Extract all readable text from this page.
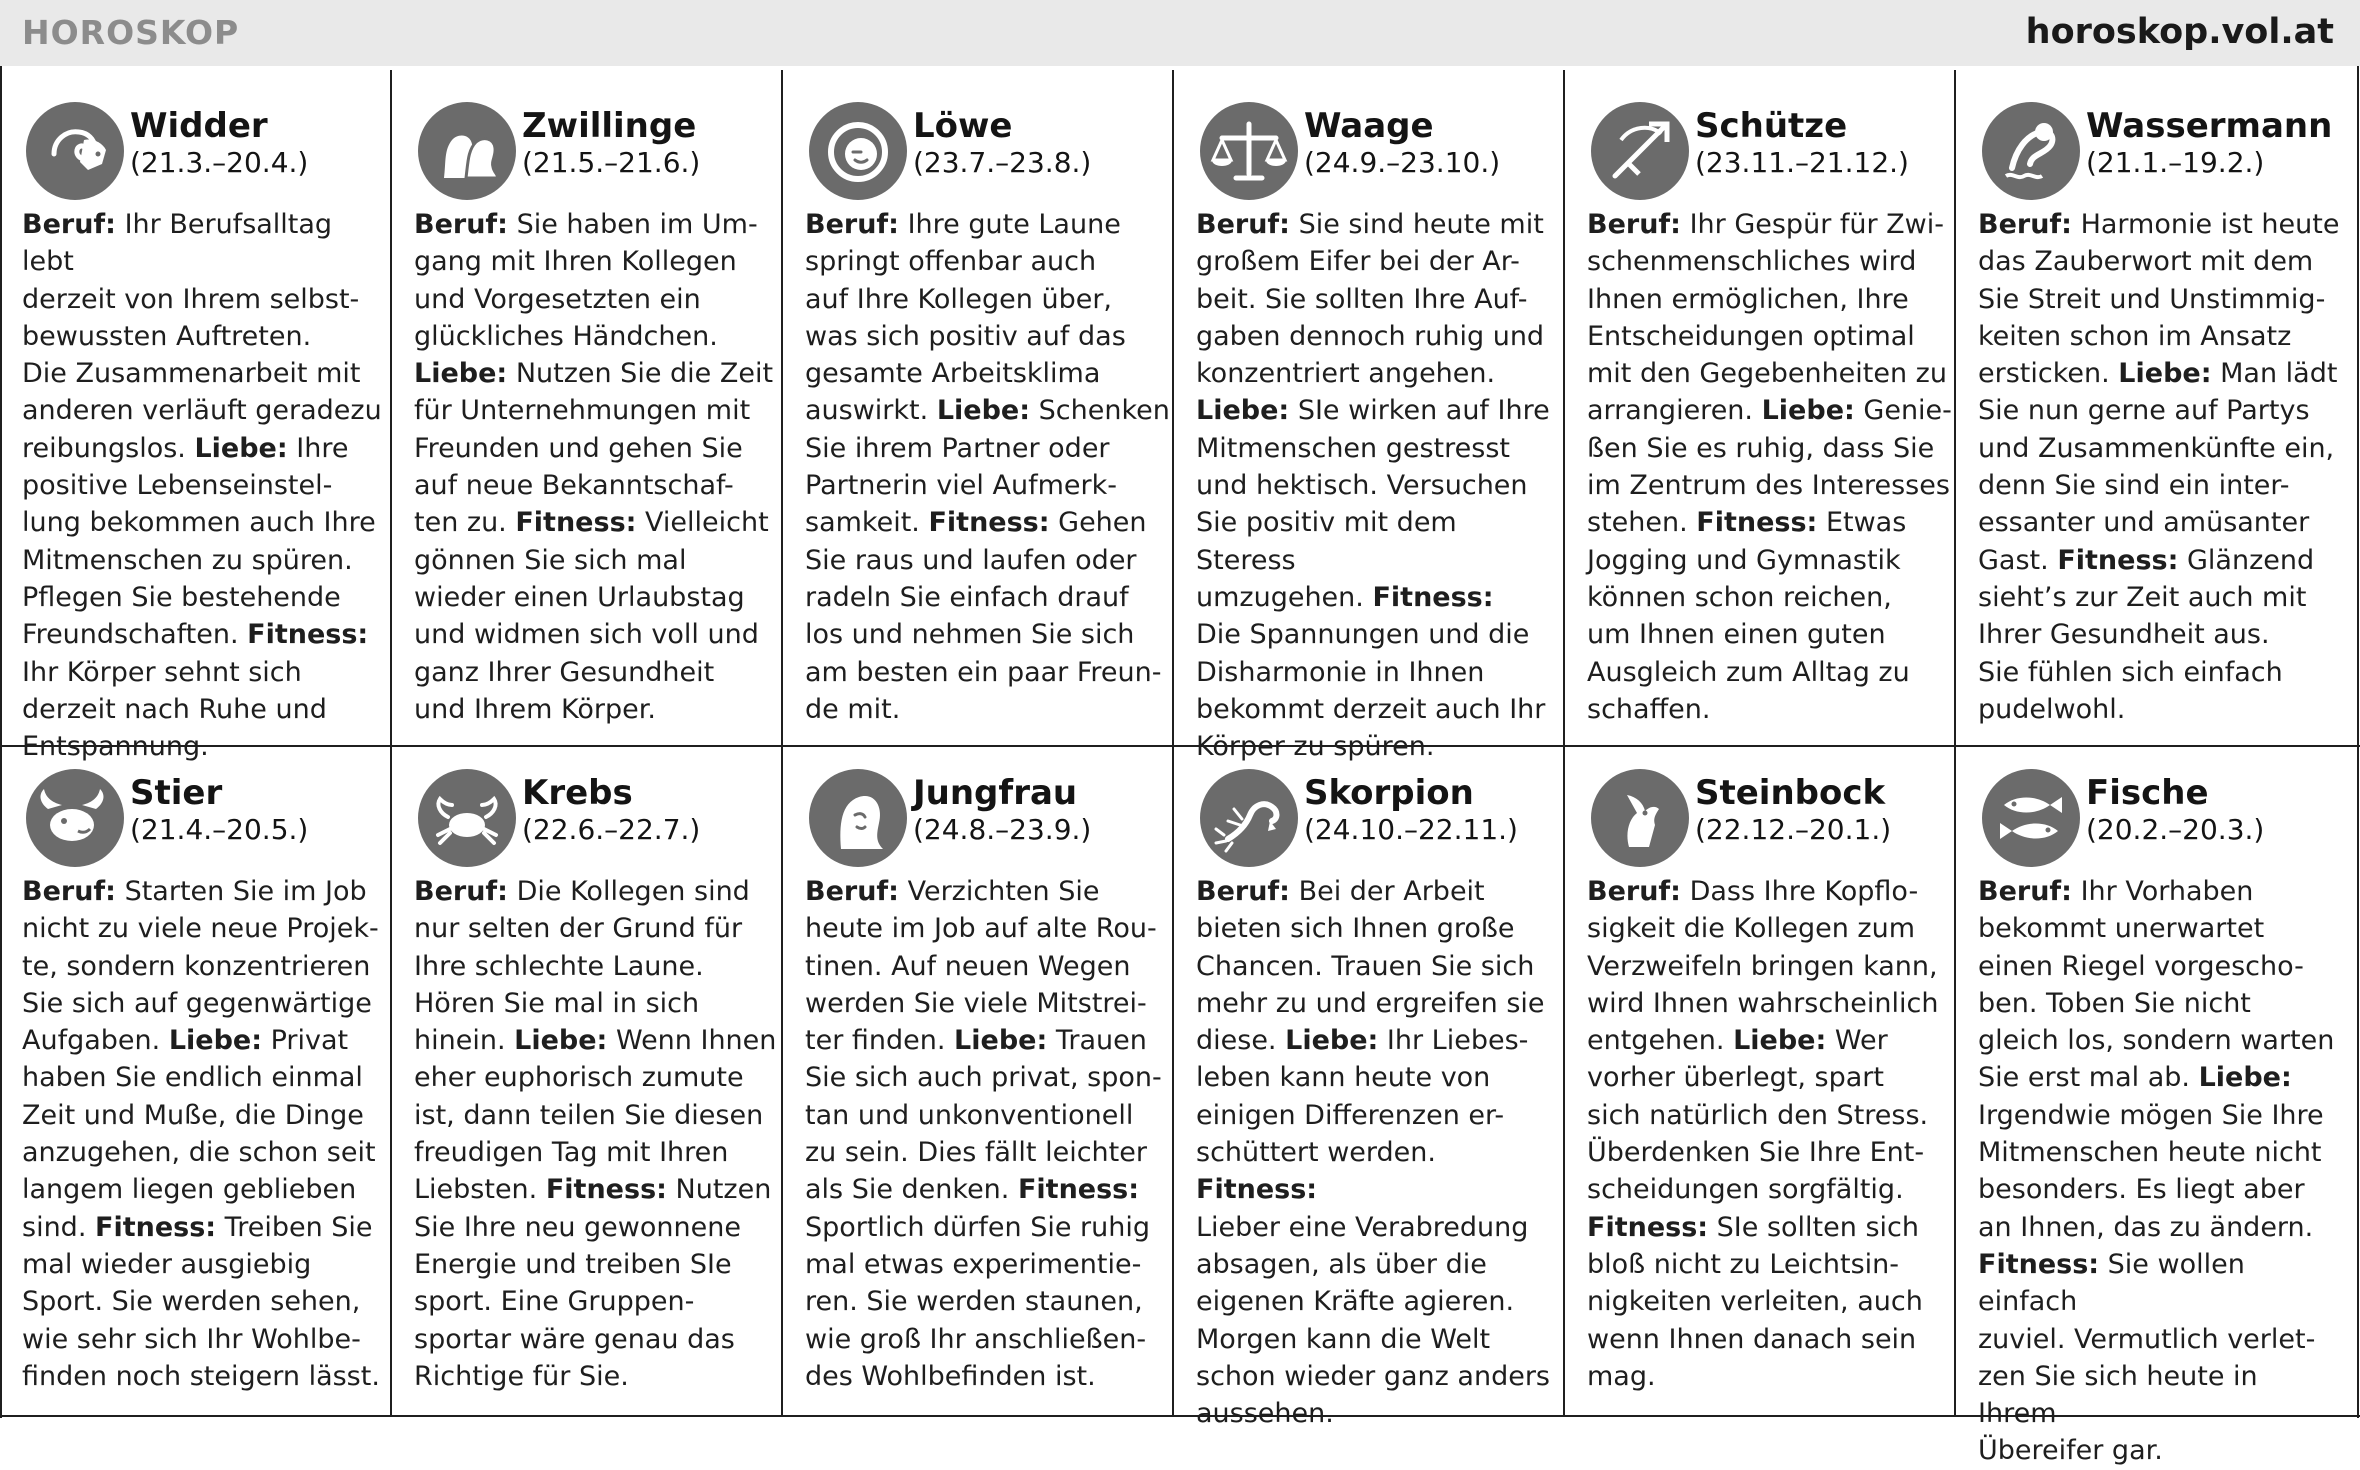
HOROSKOP	horoskop.vol.at
Widder
(21.3.–20.4.)
Beruf: Ihr Berufsalltag lebt
derzeit von Ihrem selbst-
bewussten Auftreten.
Die Zusammenarbeit mit
anderen verläuft geradezu
reibungslos. Liebe: Ihre
positive Lebenseinstel-
lung bekommen auch Ihre
Mitmenschen zu spüren.
Pflegen Sie bestehende
Freundschaften. Fitness:
Ihr Körper sehnt sich
derzeit nach Ruhe und
Entspannung.
Zwillinge
(21.5.–21.6.)
Beruf: Sie haben im Um-
gang mit Ihren Kollegen
und Vorgesetzten ein
glückliches Händchen. Liebe: Nutzen Sie die Zeit
für Unternehmungen mit
Freunden und gehen Sie
auf neue Bekanntschaf-
ten zu. Fitness: Vielleicht
gönnen Sie sich mal
wieder einen Urlaubstag
und widmen sich voll und
ganz Ihrer Gesundheit
und Ihrem Körper.
Löwe
(23.7.–23.8.)
Beruf: Ihre gute Laune
springt offenbar auch
auf Ihre Kollegen über,
was sich positiv auf das
gesamte Arbeitsklima
auswirkt. Liebe: Schenken
Sie ihrem Partner oder
Partnerin viel Aufmerk-
samkeit. Fitness: Gehen
Sie raus und laufen oder
radeln Sie einfach drauf
los und nehmen Sie sich
am besten ein paar Freun-
de mit.
Waage
(24.9.–23.10.)
Beruf: Sie sind heute mit
großem Eifer bei der Ar-
beit. Sie sollten Ihre Auf-
gaben dennoch ruhig und
konzentriert angehen. Liebe: SIe wirken auf Ihre
Mitmenschen gestresst
und hektisch. Versuchen
Sie positiv mit dem Steress
umzugehen. Fitness:
Die Spannungen und die
Disharmonie in Ihnen
bekommt derzeit auch Ihr
Körper zu spüren.
Schütze
(23.11.–21.12.)
Beruf: Ihr Gespür für Zwi-
schenmenschliches wird
Ihnen ermöglichen, Ihre
Entscheidungen optimal
mit den Gegebenheiten zu
arrangieren. Liebe: Genie-
ßen Sie es ruhig, dass Sie
im Zentrum des Interesses
stehen. Fitness: Etwas
Jogging und Gymnastik
können schon reichen,
um Ihnen einen guten
Ausgleich zum Alltag zu
schaffen.
Wassermann
(21.1.–19.2.)
Beruf: Harmonie ist heute
das Zauberwort mit dem
Sie Streit und Unstimmig-
keiten schon im Ansatz
ersticken. Liebe: Man lädt
Sie nun gerne auf Partys
und Zusammenkünfte ein,
denn Sie sind ein inter-
essanter und amüsanter
Gast. Fitness: Glänzend
sieht’s zur Zeit auch mit
Ihrer Gesundheit aus.
Sie fühlen sich einfach
pudelwohl.
Stier
(21.4.–20.5.)
Beruf: Starten Sie im Job
nicht zu viele neue Projek-
te, sondern konzentrieren
Sie sich auf gegenwärtige
Aufgaben. Liebe: Privat
haben Sie endlich einmal
Zeit und Muße, die Dinge
anzugehen, die schon seit
langem liegen geblieben
sind. Fitness: Treiben Sie
mal wieder ausgiebig
Sport. Sie werden sehen,
wie sehr sich Ihr Wohlbe-
finden noch steigern lässt.
Krebs
(22.6.–22.7.)
Beruf: Die Kollegen sind
nur selten der Grund für
Ihre schlechte Laune.
Hören Sie mal in sich
hinein. Liebe: Wenn Ihnen
eher euphorisch zumute
ist, dann teilen Sie diesen
freudigen Tag mit Ihren
Liebsten. Fitness: Nutzen
Sie Ihre neu gewonnene
Energie und treiben SIe
sport. Eine Gruppen-
sportar wäre genau das
Richtige für Sie.
Jungfrau
(24.8.–23.9.)
Beruf: Verzichten Sie
heute im Job auf alte Rou-
tinen. Auf neuen Wegen
werden Sie viele Mitstrei-
ter finden. Liebe: Trauen
Sie sich auch privat, spon-
tan und unkonventionell
zu sein. Dies fällt leichter
als Sie denken. Fitness:
Sportlich dürfen Sie ruhig
mal etwas experimentie-
ren. Sie werden staunen,
wie groß Ihr anschließen-
des Wohlbefinden ist.
Skorpion
(24.10.–22.11.)
Beruf: Bei der Arbeit
bieten sich Ihnen große
Chancen. Trauen Sie sich
mehr zu und ergreifen sie
diese. Liebe: Ihr Liebes-
leben kann heute von
einigen Differenzen er-
schüttert werden. Fitness:
Lieber eine Verabredung
absagen, als über die
eigenen Kräfte agieren.
Morgen kann die Welt
schon wieder ganz anders
aussehen.
Steinbock
(22.12.–20.1.)
Beruf: Dass Ihre Kopflo-
sigkeit die Kollegen zum
Verzweifeln bringen kann,
wird Ihnen wahrscheinlich
entgehen. Liebe: Wer
vorher überlegt, spart
sich natürlich den Stress.
Überdenken Sie Ihre Ent-
scheidungen sorgfältig. Fitness: SIe sollten sich
bloß nicht zu Leichtsin-
nigkeiten verleiten, auch
wenn Ihnen danach sein
mag.
Fische
(20.2.–20.3.)
Beruf: Ihr Vorhaben
bekommt unerwartet
einen Riegel vorgescho-
ben. Toben Sie nicht
gleich los, sondern warten
Sie erst mal ab. Liebe:
Irgendwie mögen Sie Ihre
Mitmenschen heute nicht
besonders. Es liegt aber
an Ihnen, das zu ändern. Fitness: Sie wollen einfach
zuviel. Vermutlich verlet-
zen Sie sich heute in Ihrem
Übereifer gar.
